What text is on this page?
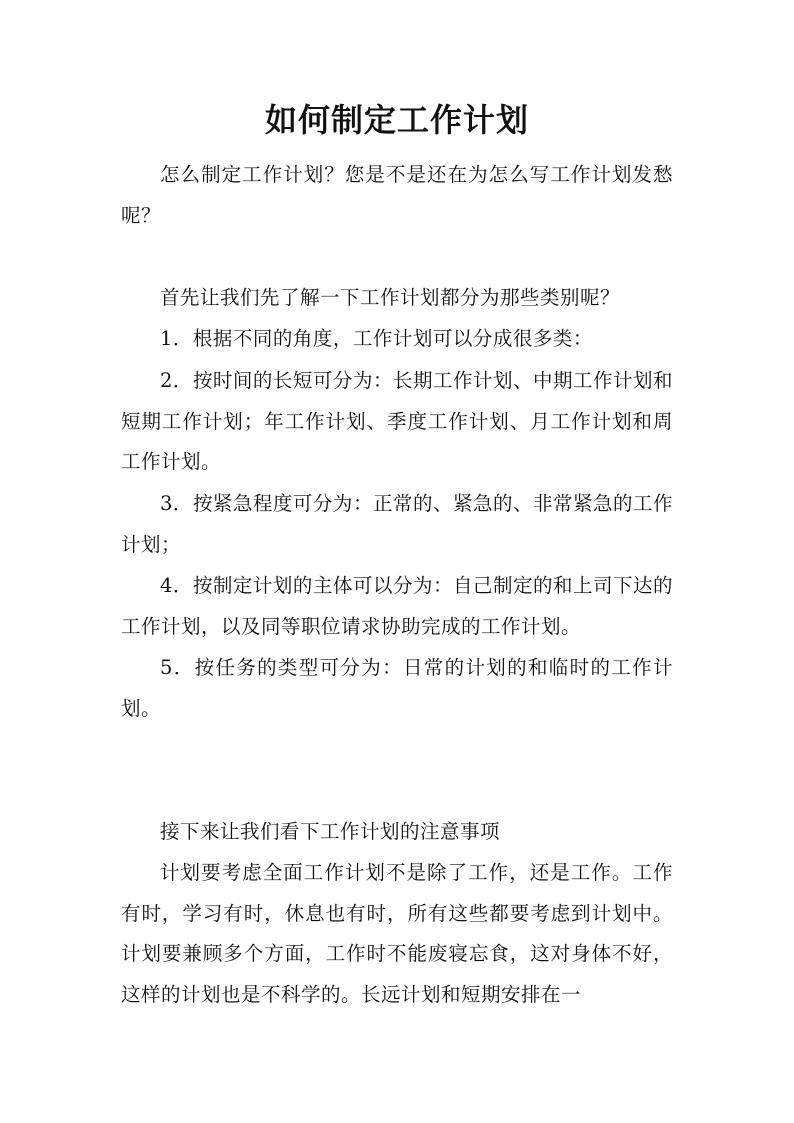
如何制定工作计划

怎么制定工作计划？您是不是还在为怎么写工作计划发愁呢？

首先让我们先了解一下工作计划都分为那些类别呢？

1．根据不同的角度，工作计划可以分成很多类：

2．按时间的长短可分为：长期工作计划、中期工作计划和短期工作计划；年工作计划、季度工作计划、月工作计划和周工作计划。

3．按紧急程度可分为：正常的、紧急的、非常紧急的工作计划；

4．按制定计划的主体可以分为：自己制定的和上司下达的工作计划，以及同等职位请求协助完成的工作计划。

5．按任务的类型可分为：日常的计划的和临时的工作计划。

接下来让我们看下工作计划的注意事项

计划要考虑全面工作计划不是除了工作，还是工作。工作有时，学习有时，休息也有时，所有这些都要考虑到计划中。计划要兼顾多个方面，工作时不能废寝忘食，这对身体不好，这样的计划也是不科学的。长远计划和短期安排在一
